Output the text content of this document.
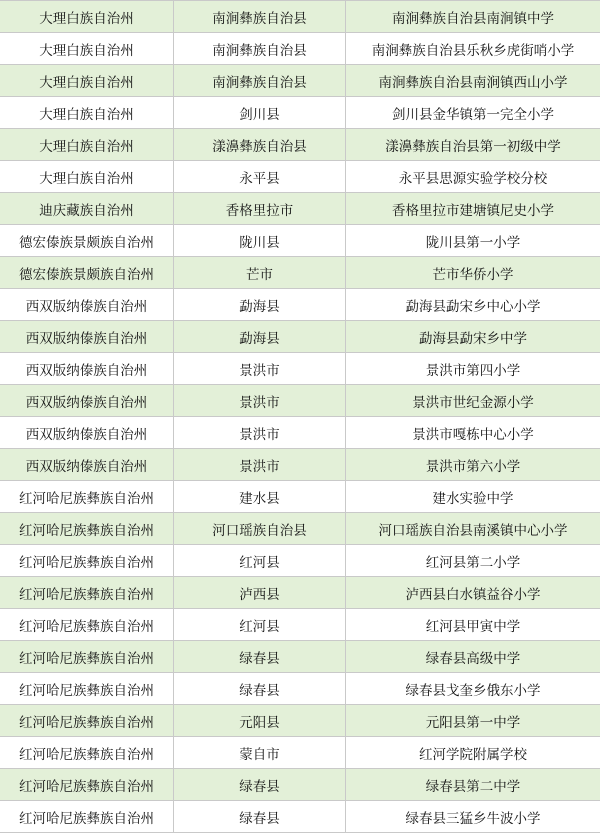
大理白族自治州	南涧彝族自治县	南涧彝族自治县南涧镇中学
大理白族自治州	南涧彝族自治县	南涧彝族自治县乐秋乡虎街哨小学
大理白族自治州	南涧彝族自治县	南涧彝族自治县南涧镇西山小学
大理白族自治州	剑川县	剑川县金华镇第一完全小学
大理白族自治州	漾濞彝族自治县	漾濞彝族自治县第一初级中学
大理白族自治州	永平县	永平县思源实验学校分校
迪庆藏族自治州	香格里拉市	香格里拉市建塘镇尼史小学
德宏傣族景颇族自治州	陇川县	陇川县第一小学
德宏傣族景颇族自治州	芒市	芒市华侨小学
西双版纳傣族自治州	勐海县	勐海县勐宋乡中心小学
西双版纳傣族自治州	勐海县	勐海县勐宋乡中学
西双版纳傣族自治州	景洪市	景洪市第四小学
西双版纳傣族自治州	景洪市	景洪市世纪金源小学
西双版纳傣族自治州	景洪市	景洪市嘎栋中心小学
西双版纳傣族自治州	景洪市	景洪市第六小学
红河哈尼族彝族自治州	建水县	建水实验中学
红河哈尼族彝族自治州	河口瑶族自治县	河口瑶族自治县南溪镇中心小学
红河哈尼族彝族自治州	红河县	红河县第二小学
红河哈尼族彝族自治州	泸西县	泸西县白水镇益谷小学
红河哈尼族彝族自治州	红河县	红河县甲寅中学
红河哈尼族彝族自治州	绿春县	绿春县高级中学
红河哈尼族彝族自治州	绿春县	绿春县戈奎乡俄东小学
红河哈尼族彝族自治州	元阳县	元阳县第一中学
红河哈尼族彝族自治州	蒙自市	红河学院附属学校
红河哈尼族彝族自治州	绿春县	绿春县第二中学
红河哈尼族彝族自治州	绿春县	绿春县三猛乡牛波小学
